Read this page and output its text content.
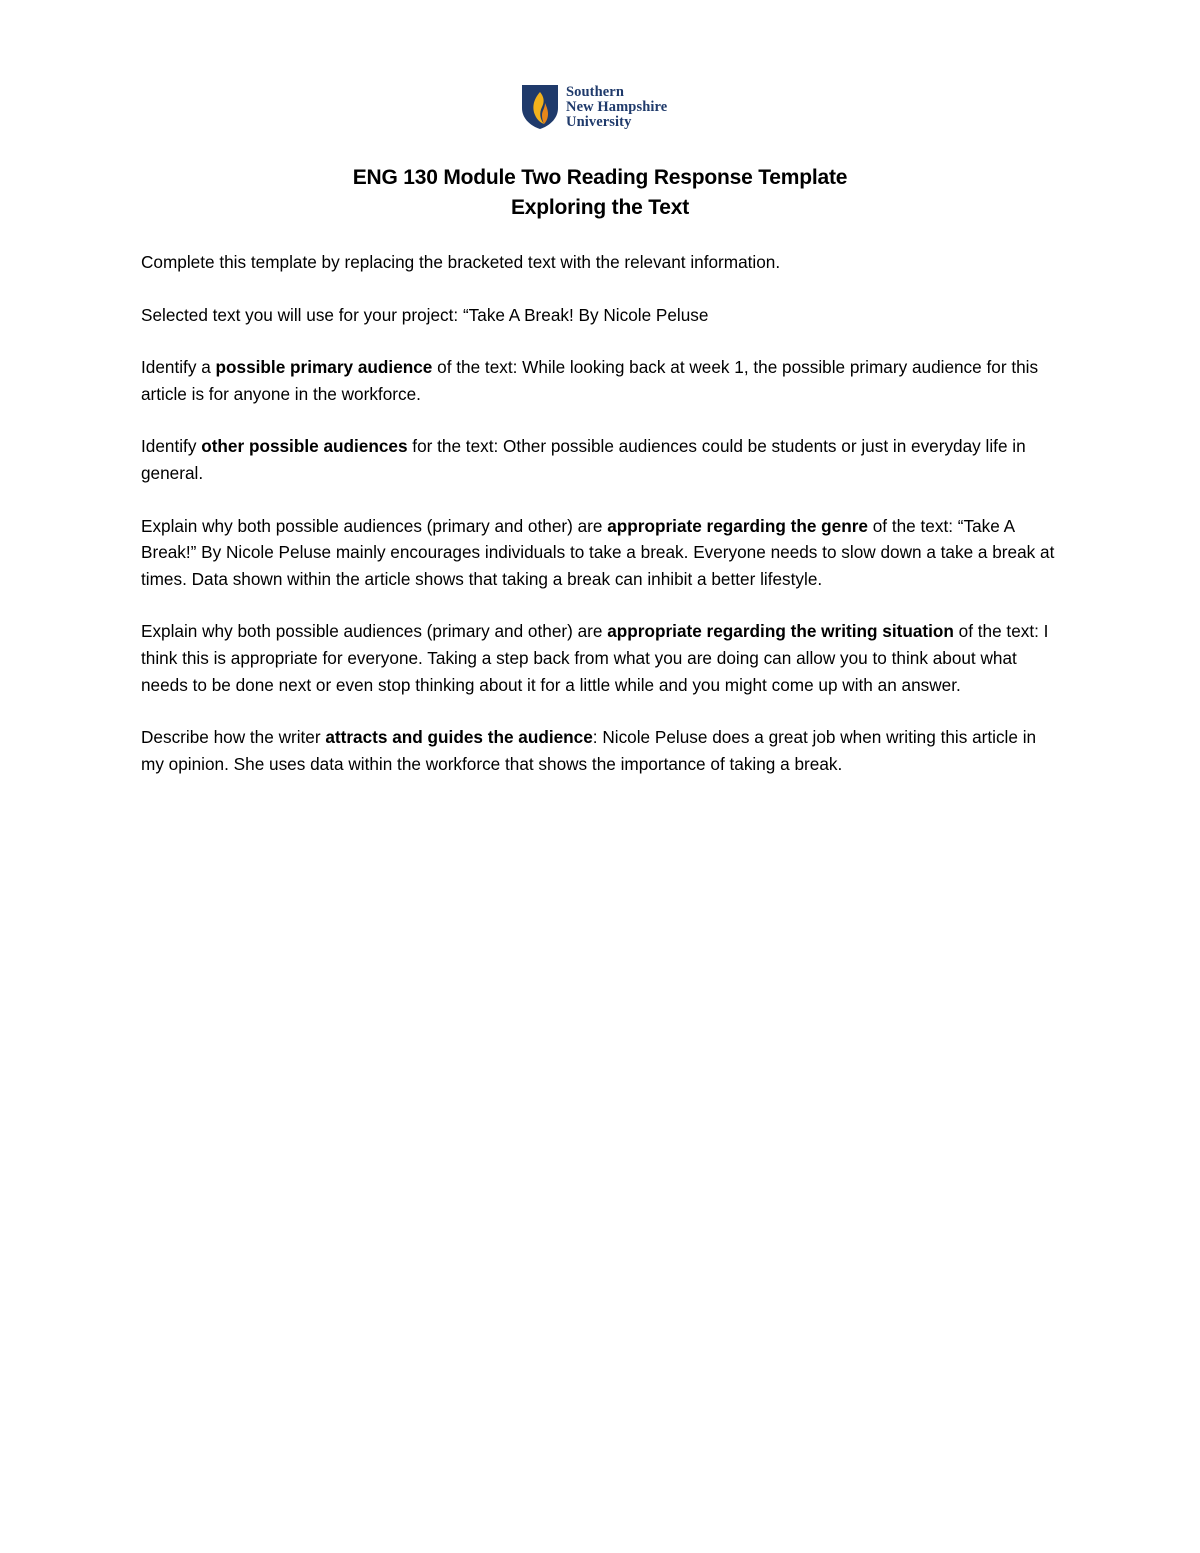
Southern
New Hampshire
University
ENG 130 Module Two Reading Response Template
Exploring the Text

Complete this template by replacing the bracketed text with the relevant information.

Selected text you will use for your project: “Take A Break! By Nicole Peluse

Identify a possible primary audience of the text: While looking back at week 1, the possible primary audience for this article is for anyone in the workforce.

Identify other possible audiences for the text: Other possible audiences could be students or just in everyday life in general.

Explain why both possible audiences (primary and other) are appropriate regarding the genre of the text: “Take A Break!” By Nicole Peluse mainly encourages individuals to take a break. Everyone needs to slow down a take a break at times. Data shown within the article shows that taking a break can inhibit a better lifestyle.

Explain why both possible audiences (primary and other) are appropriate regarding the writing situation of the text: I think this is appropriate for everyone. Taking a step back from what you are doing can allow you to think about what needs to be done next or even stop thinking about it for a little while and you might come up with an answer.

Describe how the writer attracts and guides the audience: Nicole Peluse does a great job when writing this article in my opinion. She uses data within the workforce that shows the importance of taking a break.
